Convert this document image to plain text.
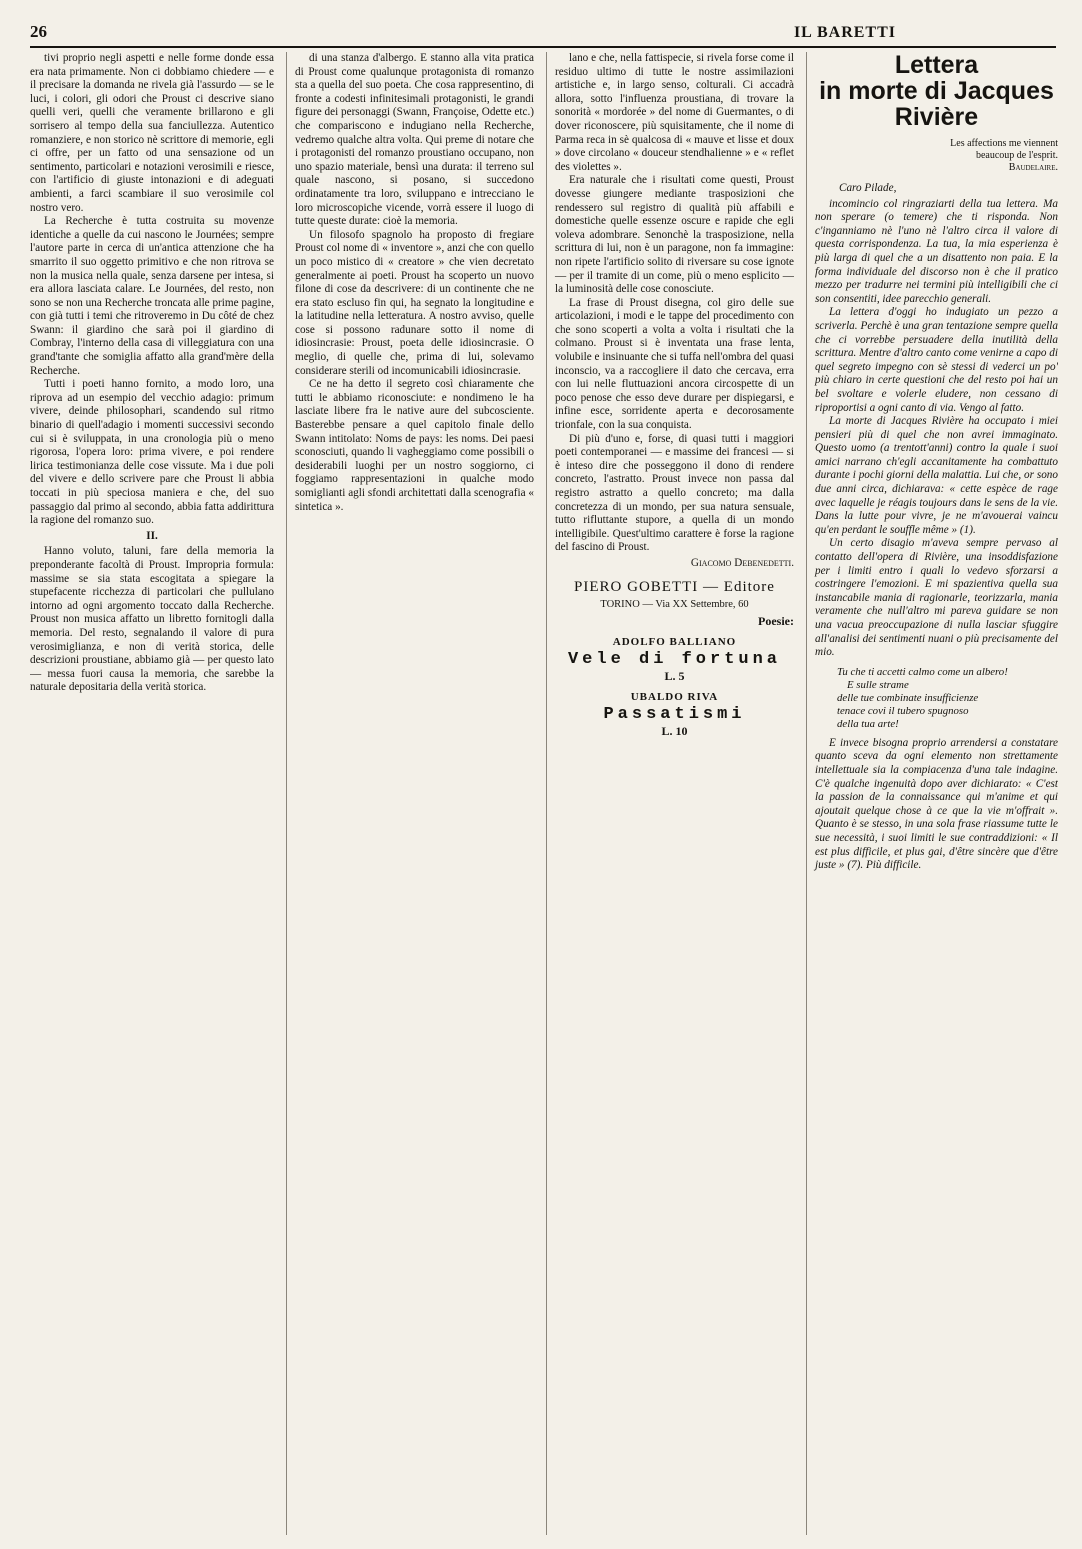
26	IL BARETTI

tivi proprio negli aspetti e nelle forme donde essa era nata primamente. Non ci dobbiamo chiedere — e il precisare la domanda ne rivela già l'assurdo — se le luci, i colori, gli odori che Proust ci descrive siano quelli veri, quelli che veramente brillarono e gli sorrisero al tempo della sua fanciullezza. Autentico romanziere, e non storico nè scrittore di memorie, egli ci offre, per un fatto od una sensazione od un sentimento, particolari e notazioni verosimili e riesce, con l'artificio di giuste intonazioni e di adeguati ambienti, a farci scambiare il suo verosimile col nostro vero.

La Recherche è tutta costruita su movenze identiche a quelle da cui nascono le Journées; sempre l'autore parte in cerca di un'antica attenzione che ha smarrito il suo oggetto primitivo e che non ritrova se non la musica nella quale, senza darsene per intesa, si era allora lasciata calare. Le Journées, del resto, non sono se non una Recherche troncata alle prime pagine, con già tutti i temi che ritroveremo in Du côté de chez Swann: il giardino che sarà poi il giardino di Combray, l'interno della casa di villeggiatura con una grand'tante che somiglia affatto alla grand'mère della Recherche.

Tutti i poeti hanno fornito, a modo loro, una riprova ad un esempio del vecchio adagio: primum vivere, deinde philosophari, scandendo sul ritmo binario di quell'adagio i momenti successivi secondo cui si è sviluppata, in una cronologia più o meno rigorosa, l'opera loro: prima vivere, e poi rendere lirica testimonianza delle cose vissute. Ma i due poli del vivere e dello scrivere pare che Proust li abbia toccati in più speciosa maniera e che, del suo passaggio dal primo al secondo, abbia fatta addirittura la ragione del romanzo suo.

II.

Hanno voluto, taluni, fare della memoria la preponderante facoltà di Proust. Impropria formula: massime se sia stata escogitata a spiegare la stupefacente ricchezza di particolari che pullulano intorno ad ogni argomento toccato dalla Recherche. Proust non musica affatto un libretto fornitogli dalla memoria. Del resto, segnalando il valore di pura verosimiglianza, e non di verità storica, delle descrizioni proustiane, abbiamo già — per questo lato — messa fuori causa la memoria, che sarebbe la naturale depositaria della verità storica.

di una stanza d'albergo. E stanno alla vita pratica di Proust come qualunque protagonista di romanzo sta a quella del suo poeta. Che cosa rappresentino, di fronte a codesti infinitesimali protagonisti, le grandi figure dei personaggi (Swann, Françoise, Odette etc.) che compariscono e indugiano nella Recherche, vedremo qualche altra volta. Qui preme di notare che i protagonisti del romanzo proustiano occupano, non uno spazio materiale, bensì una durata: il terreno sul quale nascono, si posano, si succedono ordinatamente tra loro, sviluppano e intrecciano le loro microscopiche vicende, vorrà essere il luogo di tutte queste durate: cioè la memoria.

Un filosofo spagnolo ha proposto di fregiare Proust col nome di « inventore », anzi che con quello un poco mistico di « creatore » che vien decretato generalmente ai poeti. Proust ha scoperto un nuovo filone di cose da descrivere: di un continente che ne era stato escluso fin qui, ha segnato la longitudine e la latitudine nella letteratura. A nostro avviso, quelle cose si possono radunare sotto il nome di idiosincrasie: Proust, poeta delle idiosincrasie. O meglio, di quelle che, prima di lui, solevamo considerare sterili od incomunicabili idiosincrasie.

Ce ne ha detto il segreto così chiaramente che tutti le abbiamo riconosciute: e nondimeno le ha lasciate libere fra le native aure del subcosciente. Basterebbe pensare a quel capitolo finale dello Swann intitolato: Noms de pays: les noms. Dei paesi sconosciuti, quando li vagheggiamo come possibili o desiderabili luoghi per un nostro soggiorno, ci foggiamo rappresentazioni in qualche modo somiglianti agli sfondi architettati dalla scenografia « sintetica ».

lano e che, nella fattispecie, si rivela forse come il residuo ultimo di tutte le nostre assimilazioni artistiche e, in largo senso, colturali. Ci accadrà allora, sotto l'influenza proustiana, di trovare la sonorità « mordorée » del nome di Guermantes, o di dover riconoscere, più squisitamente, che il nome di Parma reca in sè qualcosa di « mauve et lisse et doux » dove circolano « douceur stendhalienne » e « reflet des violettes ».

Era naturale che i risultati come questi, Proust dovesse giungere mediante trasposizioni che rendessero sul registro di qualità più affabili e domestiche quelle essenze oscure e rapide che egli voleva adombrare. Senonchè la trasposizione, nella scrittura di lui, non è un paragone, non fa immagine: non ripete l'artificio solito di riversare su cose ignote — per il tramite di un come, più o meno esplicito — la luminosità delle cose conosciute.

La frase di Proust disegna, col giro delle sue articolazioni, i modi e le tappe del procedimento con che sono scoperti a volta a volta i risultati che la colmano. Proust si è inventata una frase lenta, volubile e insinuante che si tuffa nell'ombra del quasi inconscio, va a raccogliere il dato che cercava, erra con lui nelle fluttuazioni ancora circospette di un poco penose che esso deve durare per dispiegarsi, e infine esce, sorridente aperta e decorosamente trionfale, con la sua conquista.

Di più d'uno e, forse, di quasi tutti i maggiori poeti contemporanei — e massime dei francesi — si è inteso dire che posseggono il dono di rendere concreto, l'astratto. Proust invece non passa dal registro astratto a quello concreto; ma dalla concretezza di un mondo, per sua natura sensuale, tutto rifluttante stupore, a quella di un mondo intelligibile. Quest'ultimo carattere è forse la ragione del fascino di Proust.

Giacomo Debenedetti.
PIERO GOBETTI — Editore
TORINO — Via XX Settembre, 60
Poesie:
ADOLFO BALLIANO
Vele di fortuna
L. 5
UBALDO RIVA
Passatismi
L. 10
Lettera
in morte di Jacques Rivière
Les affections me viennent
beaucoup de l'esprit.
Baudelaire.

Caro Pilade,

incomincio col ringraziarti della tua lettera. Ma non sperare (o temere) che ti risponda. Non c'inganniamo nè l'uno nè l'altro circa il valore di questa corrispondenza. La tua, la mia esperienza è più larga di quel che a un disattento non paia. E la forma individuale del discorso non è che il pratico mezzo per tradurre nei termini più intelligibili che ci son consentiti, idee parecchio generali.

La lettera d'oggi ho indugiato un pezzo a scriverla. Perchè è una gran tentazione sempre quella che ci vorrebbe persuadere della inutilità della scrittura. Mentre d'altro canto come venirne a capo di quel segreto impegno con sè stessi di vederci un po' più chiaro in certe questioni che del resto poi hai un bel svoltare e volerle eludere, non cessano di riproportisi a ogni canto di via. Vengo al fatto.

La morte di Jacques Rivière ha occupato i miei pensieri più di quel che non avrei immaginato. Questo uomo (a trentott'anni) contro la quale i suoi amici narrano ch'egli accanitamente ha combattuto durante i pochi giorni della malattia. Lui che, or sono due anni circa, dichiarava: « cette espèce de rage avec laquelle je réagis toujours dans le sens de la vie. Dans la lutte pour vivre, je ne m'avouerai vaincu qu'en perdant le souffle même » (1).

Un certo disagio m'aveva sempre pervaso al contatto dell'opera di Rivière, una insoddisfazione per i limiti entro i quali lo vedevo sforzarsi a costringere l'emozioni. E mi spazientiva quella sua instancabile mania di ragionarle, teorizzarla, mania veramente che null'altro mi pareva guidare se non una vacua preoccupazione di nulla lasciar sfuggire all'analisi dei sentimenti nuani o più precisamente del mio.

Tu che ti accetti calmo come un albero!
E sulle strame
delle tue combinate insufficienze
tenace covi il tubero spugnoso
della tua arte!

E invece bisogna proprio arrendersi a constatare quanto sceva da ogni elemento non strettamente intellettuale sia la compiacenza d'una tale indagine. C'è qualche ingenuità dopo aver dichiarato: « C'est la passion de la connaissance qui m'anime et qui ajoutait quelque chose à ce que la vie m'offrait ». Quanto è se stesso, in una sola frase riassume tutte le sue necessità, i suoi limiti le sue contraddizioni: « Il est plus difficile, et plus gai, d'être sincère que d'être juste » (7). Più difficile.
